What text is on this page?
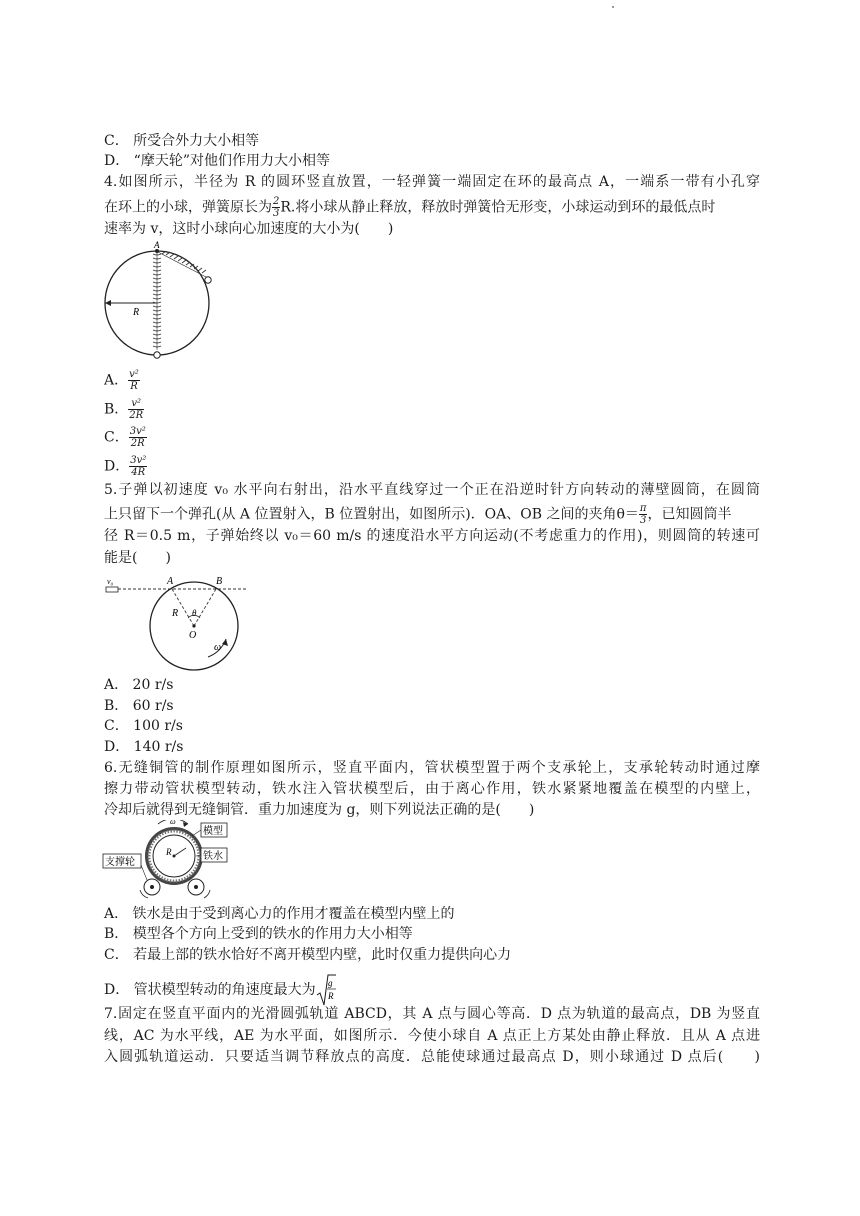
C． 所受合外力大小相等
D． “摩天轮”对他们作用力大小相等
4.如图所示，半径为 R 的圆环竖直放置，一轻弹簧一端固定在环的最高点 A，一端系一带有小孔穿
在环上的小球，弹簧原长为 $\frac{2}{3} R$.将小球从静止释放，释放时弹簧恰无形变，小球运动到环的最低点时
速率为 v，这时小球向心加速度的大小为(　　)
A
R
A． $\frac{\text{v²}}{R}$
B． $\frac{\text{v²}}{2R}$
C． $\frac{\text{3v²}}{2R}$
D． $\frac{\text{3v²}}{4R}$
5.子弹以初速度 v₀ 水平向右射出，沿水平直线穿过一个正在沿逆时针方向转动的薄壁圆筒，在圆筒
上只留下一个弹孔(从 A 位置射入，B 位置射出，如图所示)．OA、OB 之间的夹角$\theta= \frac{\pi}{3}$ ，已知圆筒半
径 R＝0.5 m，子弹始终以 v₀＝60 m/s 的速度沿水平方向运动(不考虑重力的作用)，则圆筒的转速可
能是(　　)
v₀	A	B
R θ
O
ω
A． 20 r/s
B． 60 r/s
C． 100 r/s
D． 140 r/s
6.无缝铜管的制作原理如图所示，竖直平面内，管状模型置于两个支承轮上，支承轮转动时通过摩
擦力带动管状模型转动，铁水注入管状模型后，由于离心作用，铁水紧紧地覆盖在模型的内壁上，
冷却后就得到无缝铜管．重力加速度为 g，则下列说法正确的是(　　)
模型
铁水
支撑轮
ω
R
A． 铁水是由于受到离心力的作用才覆盖在模型内壁上的
B． 模型各个方向上受到的铁水的作用力大小相等
C． 若最上部的铁水恰好不离开模型内壁，此时仅重力提供向心力
D． 管状模型转动的角速度最大为 g
R
7.固定在竖直平面内的光滑圆弧轨道 ABCD，其 A 点与圆心等高．D 点为轨道的最高点，DB 为竖直
线，AC 为水平线，AE 为水平面，如图所示．今使小球自 A 点正上方某处由静止释放．且从 A 点进
入圆弧轨道运动．只要适当调节释放点的高度．总能使球通过最高点 D，则小球通过 D 点后(　　)
